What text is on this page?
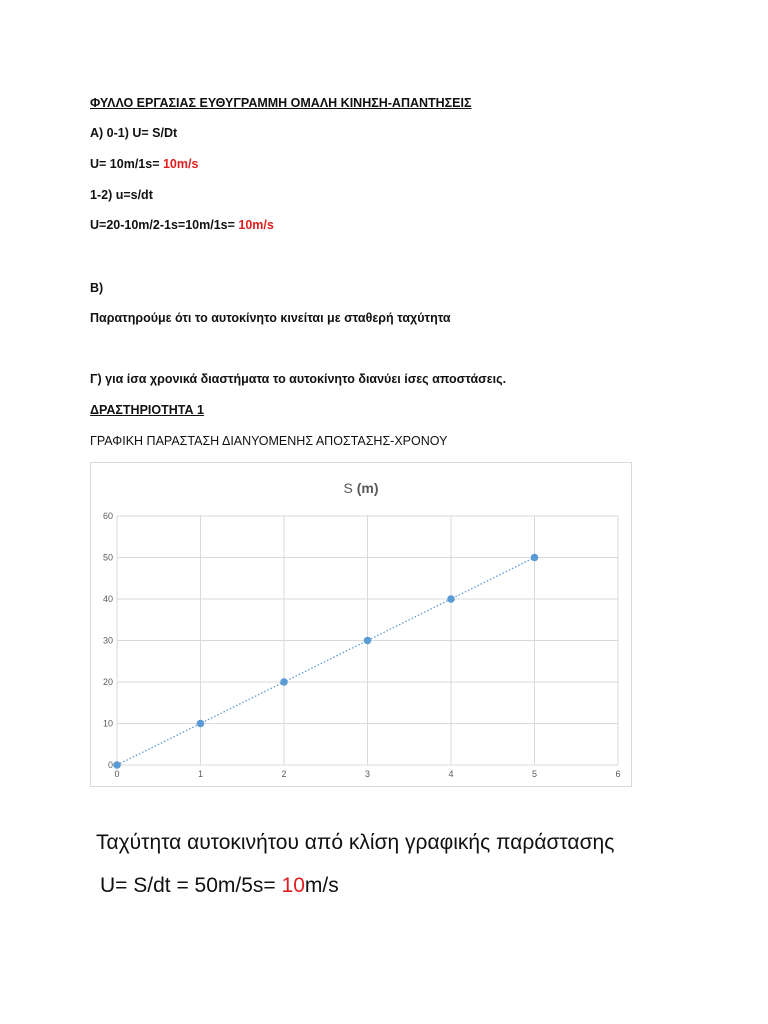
ΦΥΛΛΟ ΕΡΓΑΣΙΑΣ ΕΥΘΥΓΡΑΜΜΗ ΟΜΑΛΗ ΚΙΝΗΣΗ-ΑΠΑΝΤΗΣΕΙΣ
Α) 0-1) U= S/Dt
U= 10m/1s= 10m/s
1-2) u=s/dt
U=20-10m/2-1s=10m/1s= 10m/s
Β)
Παρατηρούμε ότι το αυτοκίνητο κινείται με σταθερή ταχύτητα
Γ) για ίσα χρονικά διαστήματα το αυτοκίνητο διανύει ίσες αποστάσεις.
ΔΡΑΣΤΗΡΙΟΤΗΤΑ 1
ΓΡΑΦΙΚΗ ΠΑΡΑΣΤΑΣΗ ΔΙΑΝΥΟΜΕΝΗΣ ΑΠΟΣΤΑΣΗΣ-ΧΡΟΝΟΥ
S (m)
0
10
20
30
40
50
60
0	1	2	3	4	5	6
Ταχύτητα αυτοκινήτου από κλίση γραφικής παράστασης
U= S/dt = 50m/5s= 10m/s
